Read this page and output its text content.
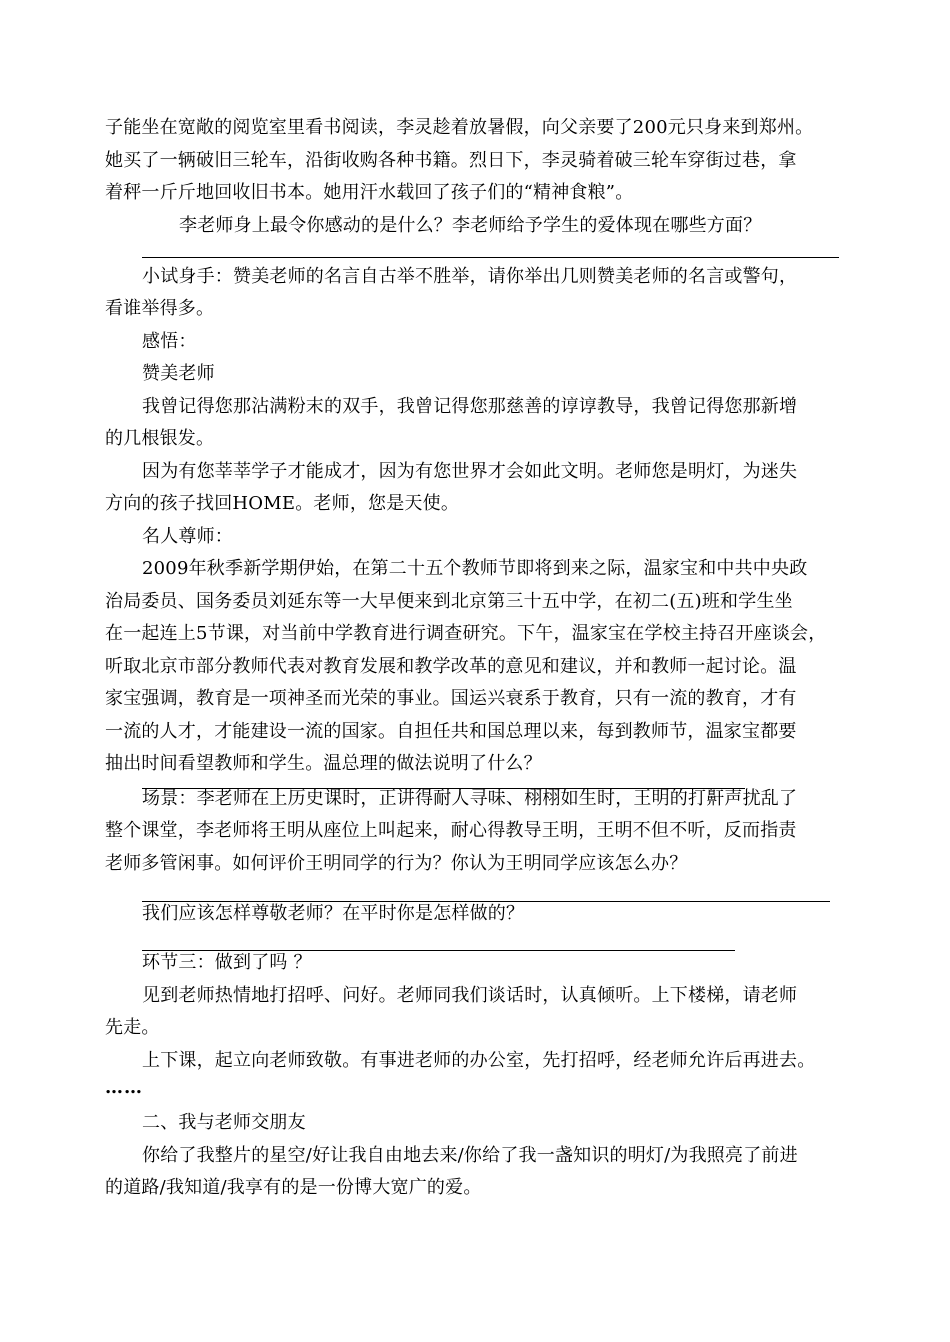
子能坐在宽敞的阅览室里看书阅读，李灵趁着放暑假，向父亲要了200元只身来到郑州。
她买了一辆破旧三轮车，沿街收购各种书籍。烈日下，李灵骑着破三轮车穿街过巷，拿
着秤一斤斤地回收旧书本。她用汗水载回了孩子们的“精神食粮”。
李老师身上最令你感动的是什么？李老师给予学生的爱体现在哪些方面？
小试身手：赞美老师的名言自古举不胜举，请你举出几则赞美老师的名言或警句，
看谁举得多。
感悟：
赞美老师
我曾记得您那沾满粉末的双手，我曾记得您那慈善的谆谆教导，我曾记得您那新增
的几根银发。
因为有您莘莘学子才能成才，因为有您世界才会如此文明。老师您是明灯，为迷失
方向的孩子找回HOME。老师，您是天使。
名人尊师：
2009年秋季新学期伊始，在第二十五个教师节即将到来之际，温家宝和中共中央政
治局委员、国务委员刘延东等一大早便来到北京第三十五中学，在初二(五)班和学生坐
在一起连上5节课，对当前中学教育进行调查研究。下午，温家宝在学校主持召开座谈会，
听取北京市部分教师代表对教育发展和教学改革的意见和建议，并和教师一起讨论。温
家宝强调，教育是一项神圣而光荣的事业。国运兴衰系于教育，只有一流的教育，才有
一流的人才，才能建设一流的国家。自担任共和国总理以来，每到教师节，温家宝都要
抽出时间看望教师和学生。温总理的做法说明了什么？
场景：李老师在上历史课时，正讲得耐人寻味、栩栩如生时，王明的打鼾声扰乱了
整个课堂，李老师将王明从座位上叫起来，耐心得教导王明，王明不但不听，反而指责
老师多管闲事。如何评价王明同学的行为？你认为王明同学应该怎么办？
我们应该怎样尊敬老师？在平时你是怎样做的？
环节三：做到了吗 ？
见到老师热情地打招呼、问好。老师同我们谈话时，认真倾听。上下楼梯，请老师
先走。
上下课，起立向老师致敬。有事进老师的办公室，先打招呼，经老师允许后再进去。
……
二、我与老师交朋友
你给了我整片的星空/好让我自由地去来/你给了我一盏知识的明灯/为我照亮了前进
的道路/我知道/我享有的是一份博大宽广的爱。
